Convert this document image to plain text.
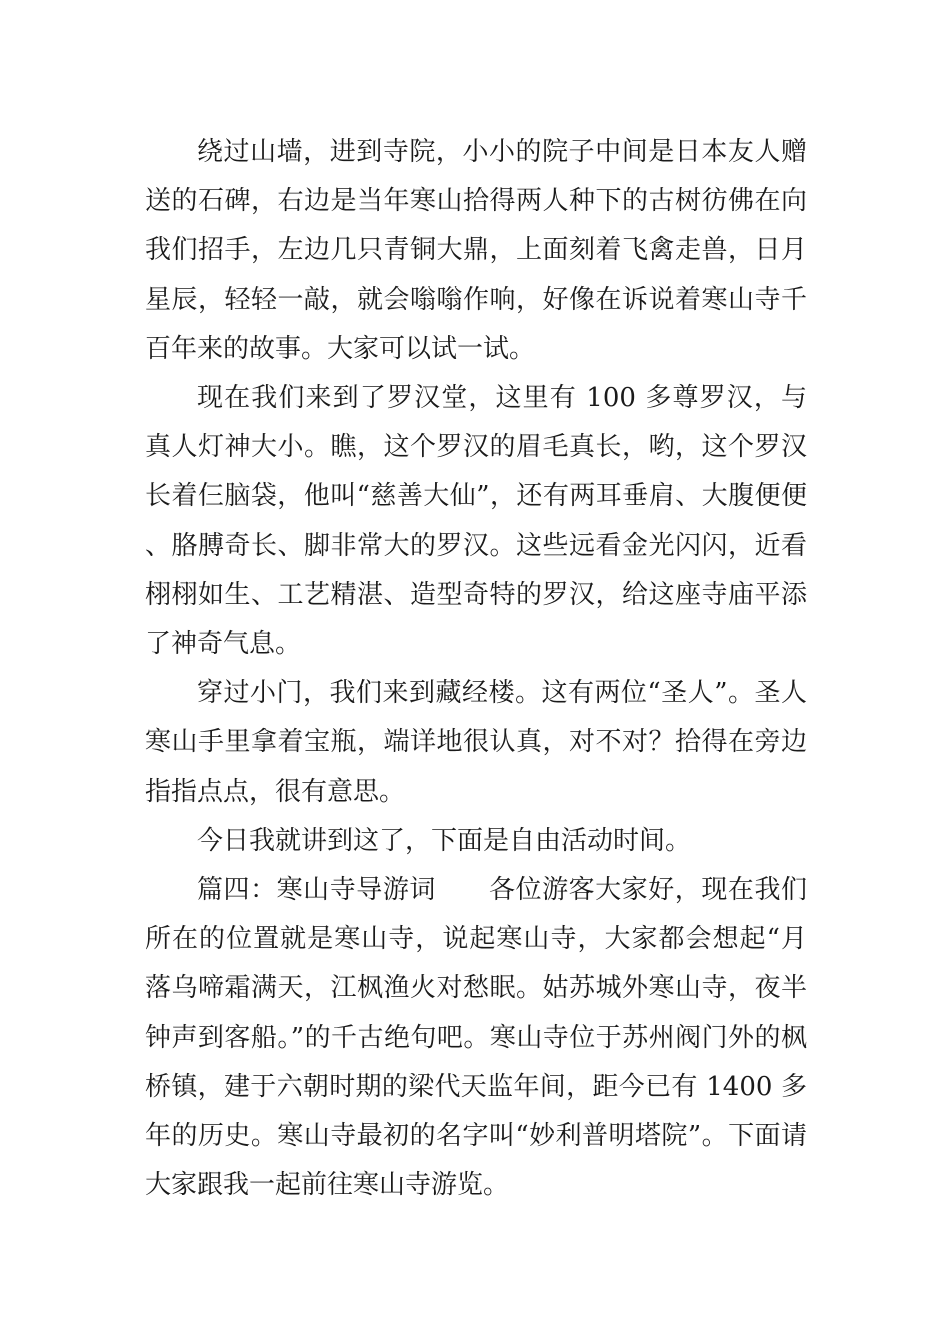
绕过山墙，进到寺院，小小的院子中间是日本友人赠送的石碑，右边是当年寒山拾得两人种下的古树彷佛在向我们招手，左边几只青铜大鼎，上面刻着飞禽走兽，日月星辰，轻轻一敲，就会嗡嗡作响，好像在诉说着寒山寺千百年来的故事。大家可以试一试。

现在我们来到了罗汉堂，这里有 100 多尊罗汉，与真人灯神大小。瞧，这个罗汉的眉毛真长，哟，这个罗汉长着仨脑袋，他叫“慈善大仙”，还有两耳垂肩、大腹便便、胳膊奇长、脚非常大的罗汉。这些远看金光闪闪，近看栩栩如生、工艺精湛、造型奇特的罗汉，给这座寺庙平添了神奇气息。

穿过小门，我们来到藏经楼。这有两位“圣人”。圣人寒山手里拿着宝瓶，端详地很认真，对不对？拾得在旁边指指点点，很有意思。

今日我就讲到这了，下面是自由活动时间。

篇四：寒山寺导游词　　各位游客大家好，现在我们所在的位置就是寒山寺，说起寒山寺，大家都会想起“月落乌啼霜满天，江枫渔火对愁眠。姑苏城外寒山寺，夜半钟声到客船。”的千古绝句吧。寒山寺位于苏州阀门外的枫桥镇，建于六朝时期的梁代天监年间，距今已有 1400 多年的历史。寒山寺最初的名字叫“妙利普明塔院”。下面请大家跟我一起前往寒山寺游览。
